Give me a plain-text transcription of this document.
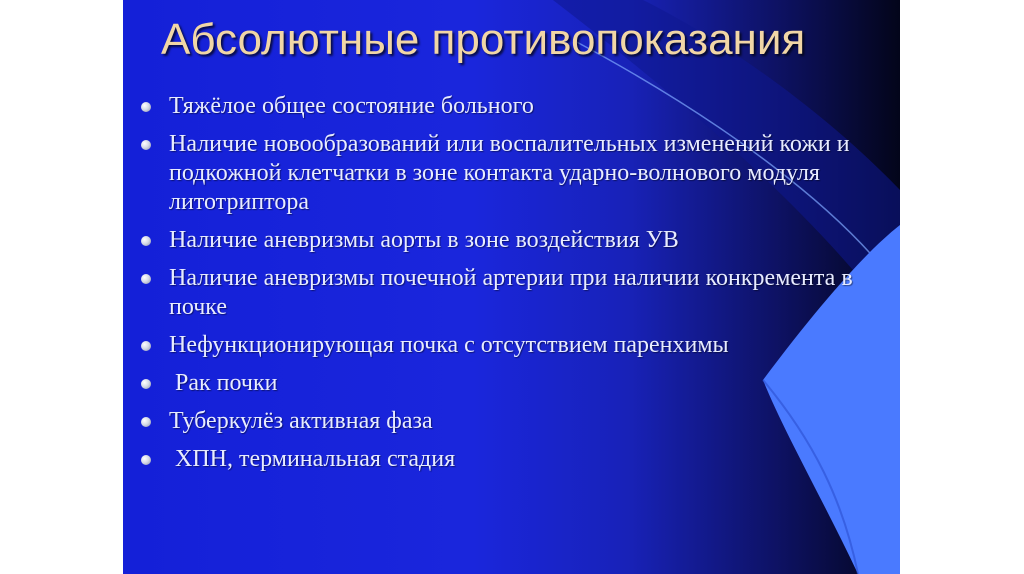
Абсолютные противопоказания
Тяжёлое общее состояние больного
Наличие новообразований или воспалительных изменений кожи и подкожной клетчатки в зоне контакта ударно-волнового модуля литотриптора
Наличие аневризмы аорты в зоне воздействия УВ
Наличие аневризмы почечной артерии при наличии конкремента в почке
Нефункционирующая почка с отсутствием паренхимы
Рак почки
Туберкулёз активная фаза
ХПН, терминальная стадия
